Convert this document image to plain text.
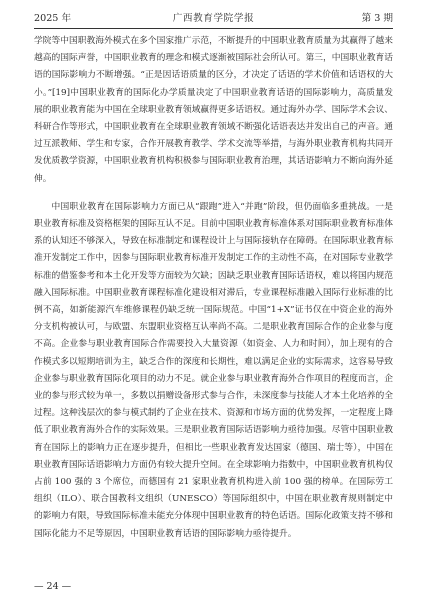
2025 年	广西教育学院学报	第 3 期

学院等中国职教海外模式在多个国家推广示范，不断提升的中国职业教育质量为其赢得了越来越高的国际声誉，中国职业教育的理念和模式逐渐被国际社会所认可。第三，中国职业教育话语的国际影响力不断增强。“正是因话语质量的区分，才决定了话语的学术价值和话语权的大小。”[19]中国职业教育的国际化办学质量决定了中国职业教育话语的国际影响力，高质量发展的职业教育能为中国在全球职业教育领域赢得更多话语权。通过海外办学、国际学术会议、科研合作等形式，中国职业教育在全球职业教育领域不断强化话语表达并发出自己的声音。通过互派教师、学生和专家，合作开展教育教学、学术交流等举措，与海外职业教育机构共同开发优质教学资源，中国职业教育机构积极参与国际职业教育治理，其话语影响力不断向海外延伸。

中国职业教育在国际影响力方面已从“跟跑”进入“并跑”阶段，但仍面临多重挑战。一是职业教育标准及资格框架的国际互认不足。目前中国职业教育标准体系对国际职业教育标准体系的认知还不够深入，导致在标准制定和课程设计上与国际接轨存在障碍。在国际职业教育标准开发制定工作中，因参与国际职业教育标准开发制定工作的主动性不高，在对国际专业教学标准的借鉴参考和本土化开发等方面较为欠缺；因缺乏职业教育国际话语权，难以将国内规范融入国际标准。中国职业教育课程标准化建设相对滞后，专业课程标准融入国际行业标准的比例不高，如新能源汽车维修课程仍缺乏统一国际规范。中国“1+X”证书仅在中资企业的海外分支机构被认可，与欧盟、东盟职业资格互认率尚不高。二是职业教育国际合作的企业参与度不高。企业参与职业教育国际合作需要投入大量资源（如资金、人力和时间），加上现有的合作模式多以短期培训为主，缺乏合作的深度和长期性，难以满足企业的实际需求，这容易导致企业参与职业教育国际化项目的动力不足。就企业参与职业教育海外合作项目的程度而言，企业的参与形式较为单一，多数以捐赠设备形式参与合作，未深度参与技能人才本土化培养的全过程。这种浅层次的参与模式制约了企业在技术、资源和市场方面的优势发挥，一定程度上降低了职业教育海外合作的实际效果。三是职业教育国际话语影响力亟待加强。尽管中国职业教育在国际上的影响力正在逐步提升，但相比一些职业教育发达国家（德国、瑞士等），中国在职业教育国际话语影响力方面仍有较大提升空间。在全球影响力指数中，中国职业教育机构仅占前 100 强的 3 个席位，而德国有 21 家职业教育机构进入前 100 强的榜单。在国际劳工组织（ILO）、联合国教科文组织（UNESCO）等国际组织中，中国在职业教育规则制定中的影响力有限，导致国际标准未能充分体现中国职业教育的特色话语。国际化政策支持不够和国际化能力不足等原因，中国职业教育话语的国际影响力亟待提升。

— 24 —
